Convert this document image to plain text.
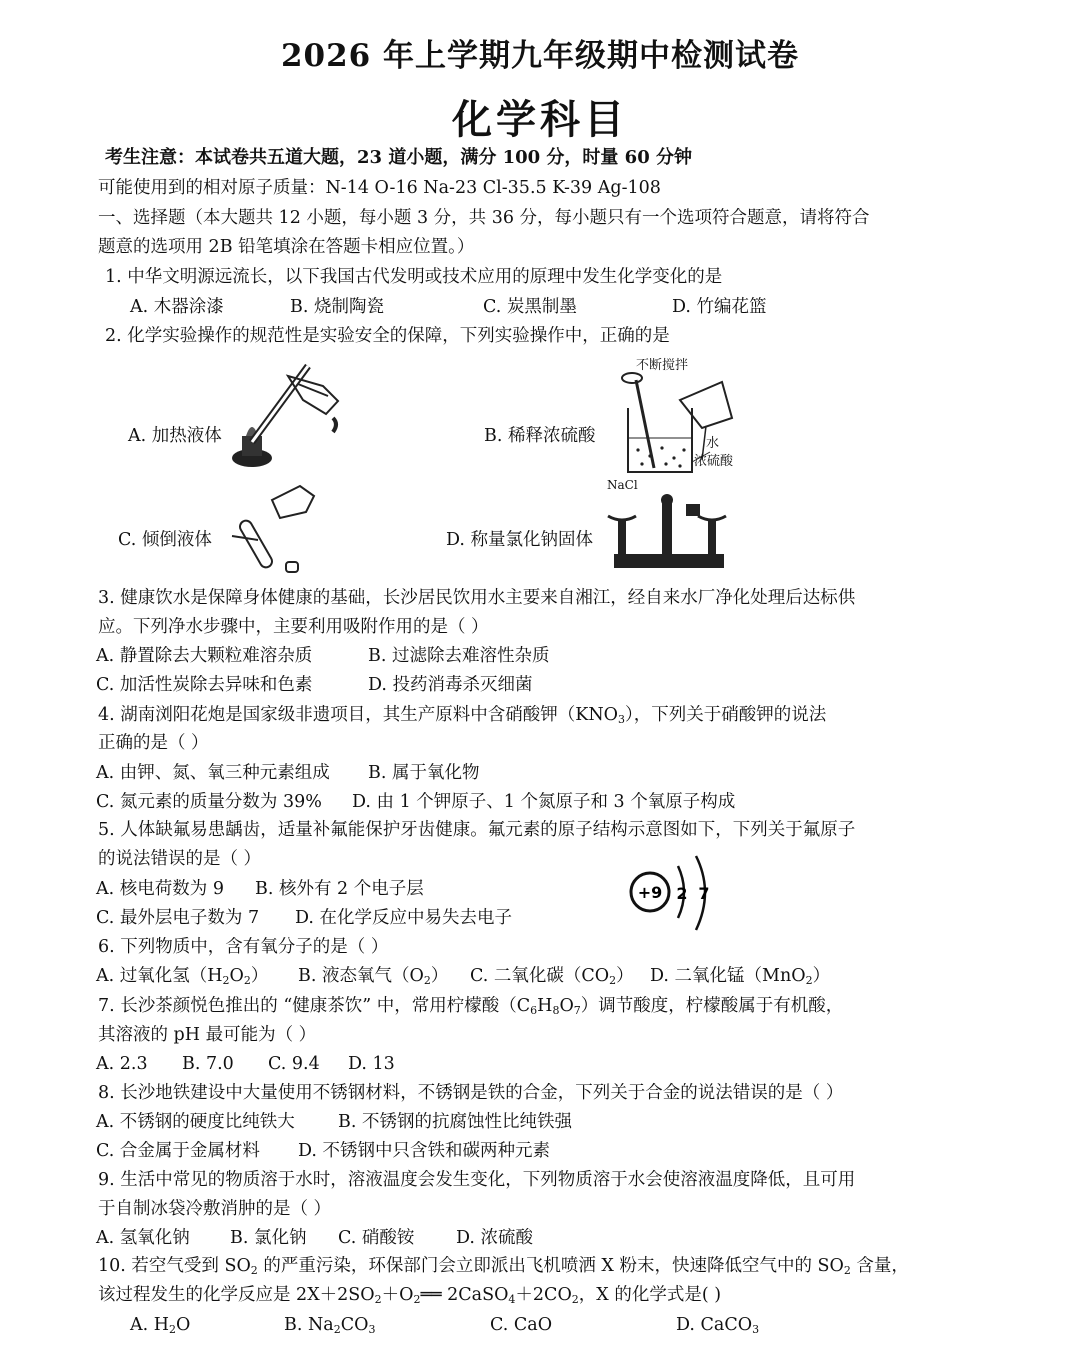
2026 年上学期九年级期中检测试卷
化学科目
考生注意：本试卷共五道大题，23 道小题，满分 100 分，时量 60 分钟
可能使用到的相对原子质量：N-14 O-16 Na-23 Cl-35.5 K-39 Ag-108
一、选择题（本大题共 12 小题，每小题 3 分，共 36 分，每小题只有一个选项符合题意，请将符合
题意的选项用 2B 铅笔填涂在答题卡相应位置。）
1. 中华文明源远流长，以下我国古代发明或技术应用的原理中发生化学变化的是
A. 木器涂漆	B. 烧制陶瓷	C. 炭黑制墨	D. 竹编花篮
2. 化学实验操作的规范性是实验安全的保障，下列实验操作中，正确的是
A. 加热液体	B. 稀释浓硫酸
不断搅拌
水
浓硫酸
C. 倾倒液体	D. 称量氯化钠固体
NaCl
3. 健康饮水是保障身体健康的基础，长沙居民饮用水主要来自湘江，经自来水厂净化处理后达标供
应。下列净水步骤中，主要利用吸附作用的是（ ）
A. 静置除去大颗粒难溶杂质	B. 过滤除去难溶性杂质
C. 加活性炭除去异味和色素	D. 投药消毒杀灭细菌
4. 湖南浏阳花炮是国家级非遗项目，其生产原料中含硝酸钾$(KNO_3)$，下列关于硝酸钾的说法
正确的是（ ）
A. 由钾、氮、氧三种元素组成 B. 属于氧化物
C. 氮元素的质量分数为 39% D. 由 1 个钾原子、1 个氮原子和 3 个氧原子构成
5. 人体缺氟易患龋齿，适量补氟能保护牙齿健康。氟元素的原子结构示意图如下，下列关于氟原子
的说法错误的是（ ）
A. 核电荷数为 9 B. 核外有 2 个电子层
C. 最外层电子数为 7 D. 在化学反应中易失去电子
+9 2 7
6. 下列物质中，含有氧分子的是（ ）
A. 过氧化氢$(H_2O_2)$ B. 液态氧气$(O_2)$ C. 二氧化碳$(CO_2)$ D. 二氧化锰（MnO$_2$）
7. 长沙茶颜悦色推出的 “健康茶饮” 中，常用柠檬酸$(C_6H_8O_7)$调节酸度，柠檬酸属于有机酸，
其溶液的 pH 最可能为（ ）
A. 2.3 B. 7.0 C. 9.4 D. 13
8. 长沙地铁建设中大量使用不锈钢材料，不锈钢是铁的合金，下列关于合金的说法错误的是（ ）
A. 不锈钢的硬度比纯铁大 B. 不锈钢的抗腐蚀性比纯铁强
C. 合金属于金属材料 D. 不锈钢中只含铁和碳两种元素
9. 生活中常见的物质溶于水时，溶液温度会发生变化，下列物质溶于水会使溶液温度降低，且可用
于自制冰袋冷敷消肿的是（ ）
A. 氢氧化钠 B. 氯化钠 C. 硝酸铵 D. 浓硫酸
10. 若空气受到 $SO_2$ 的严重污染，环保部门会立即派出飞机喷洒 X 粉末，快速降低空气中的 $SO_2$ 含量，
该过程发生的化学反应是 $2X+2SO_2+O_2══$ $2CaSO_4+2CO_2$，X 的化学式是( )
A. $H_2O$	B. $Na_2CO_3$	C. CaO	D. CaCO$_3$
